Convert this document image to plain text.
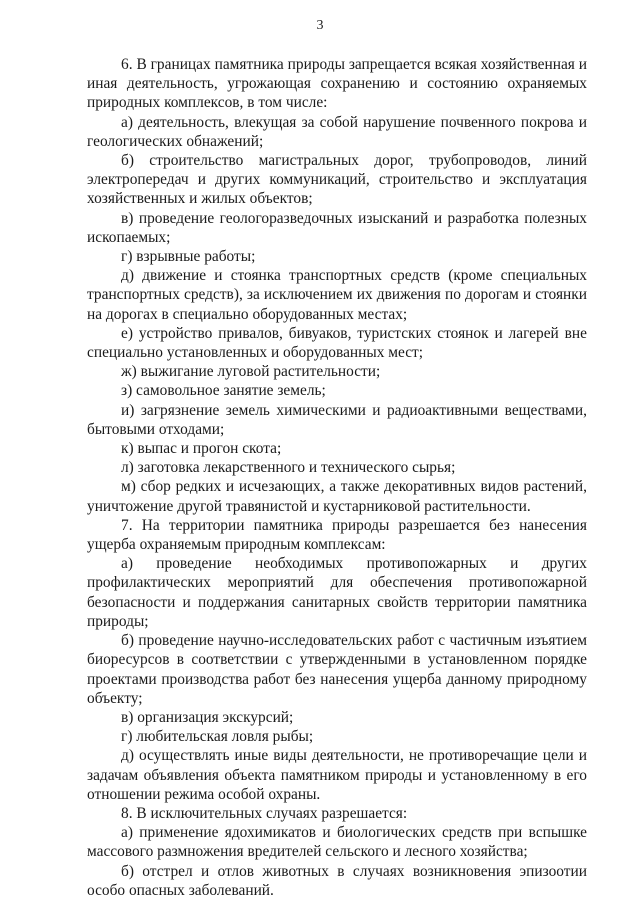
3

6. В границах памятника природы запрещается всякая хозяйственная и иная деятельность, угрожающая сохранению и состоянию охраняемых природных комплексов, в том числе:

а) деятельность, влекущая за собой нарушение почвенного покрова и геологических обнажений;

б) строительство магистральных дорог, трубопроводов, линий электропередач и других коммуникаций, строительство и эксплуатация хозяйственных и жилых объектов;

в) проведение геологоразведочных изысканий и разработка полезных ископаемых;

г) взрывные работы;

д) движение и стоянка транспортных средств (кроме специальных транспортных средств), за исключением их движения по дорогам и стоянки на дорогах в специально оборудованных местах;

е) устройство привалов, бивуаков, туристских стоянок и лагерей вне специально установленных и оборудованных мест;

ж) выжигание луговой растительности;

з) самовольное занятие земель;

и) загрязнение земель химическими и радиоактивными веществами, бытовыми отходами;

к) выпас и прогон скота;

л) заготовка лекарственного и технического сырья;

м) сбор редких и исчезающих, а также декоративных видов растений, уничтожение другой травянистой и кустарниковой растительности.

7. На территории памятника природы разрешается без нанесения ущерба охраняемым природным комплексам:

а) проведение необходимых противопожарных и других профилактических мероприятий для обеспечения противопожарной безопасности и поддержания санитарных свойств территории памятника природы;

б) проведение научно-исследовательских работ с частичным изъятием биоресурсов в соответствии с утвержденными в установленном порядке проектами производства работ без нанесения ущерба данному природному объекту;

в) организация экскурсий;

г) любительская ловля рыбы;

д) осуществлять иные виды деятельности, не противоречащие цели и задачам объявления объекта памятником природы и установленному в его отношении режима особой охраны.

8. В исключительных случаях разрешается:

а) применение ядохимикатов и биологических средств при вспышке массового размножения вредителей сельского и лесного хозяйства;

б) отстрел и отлов животных в случаях возникновения эпизоотии особо опасных заболеваний.
